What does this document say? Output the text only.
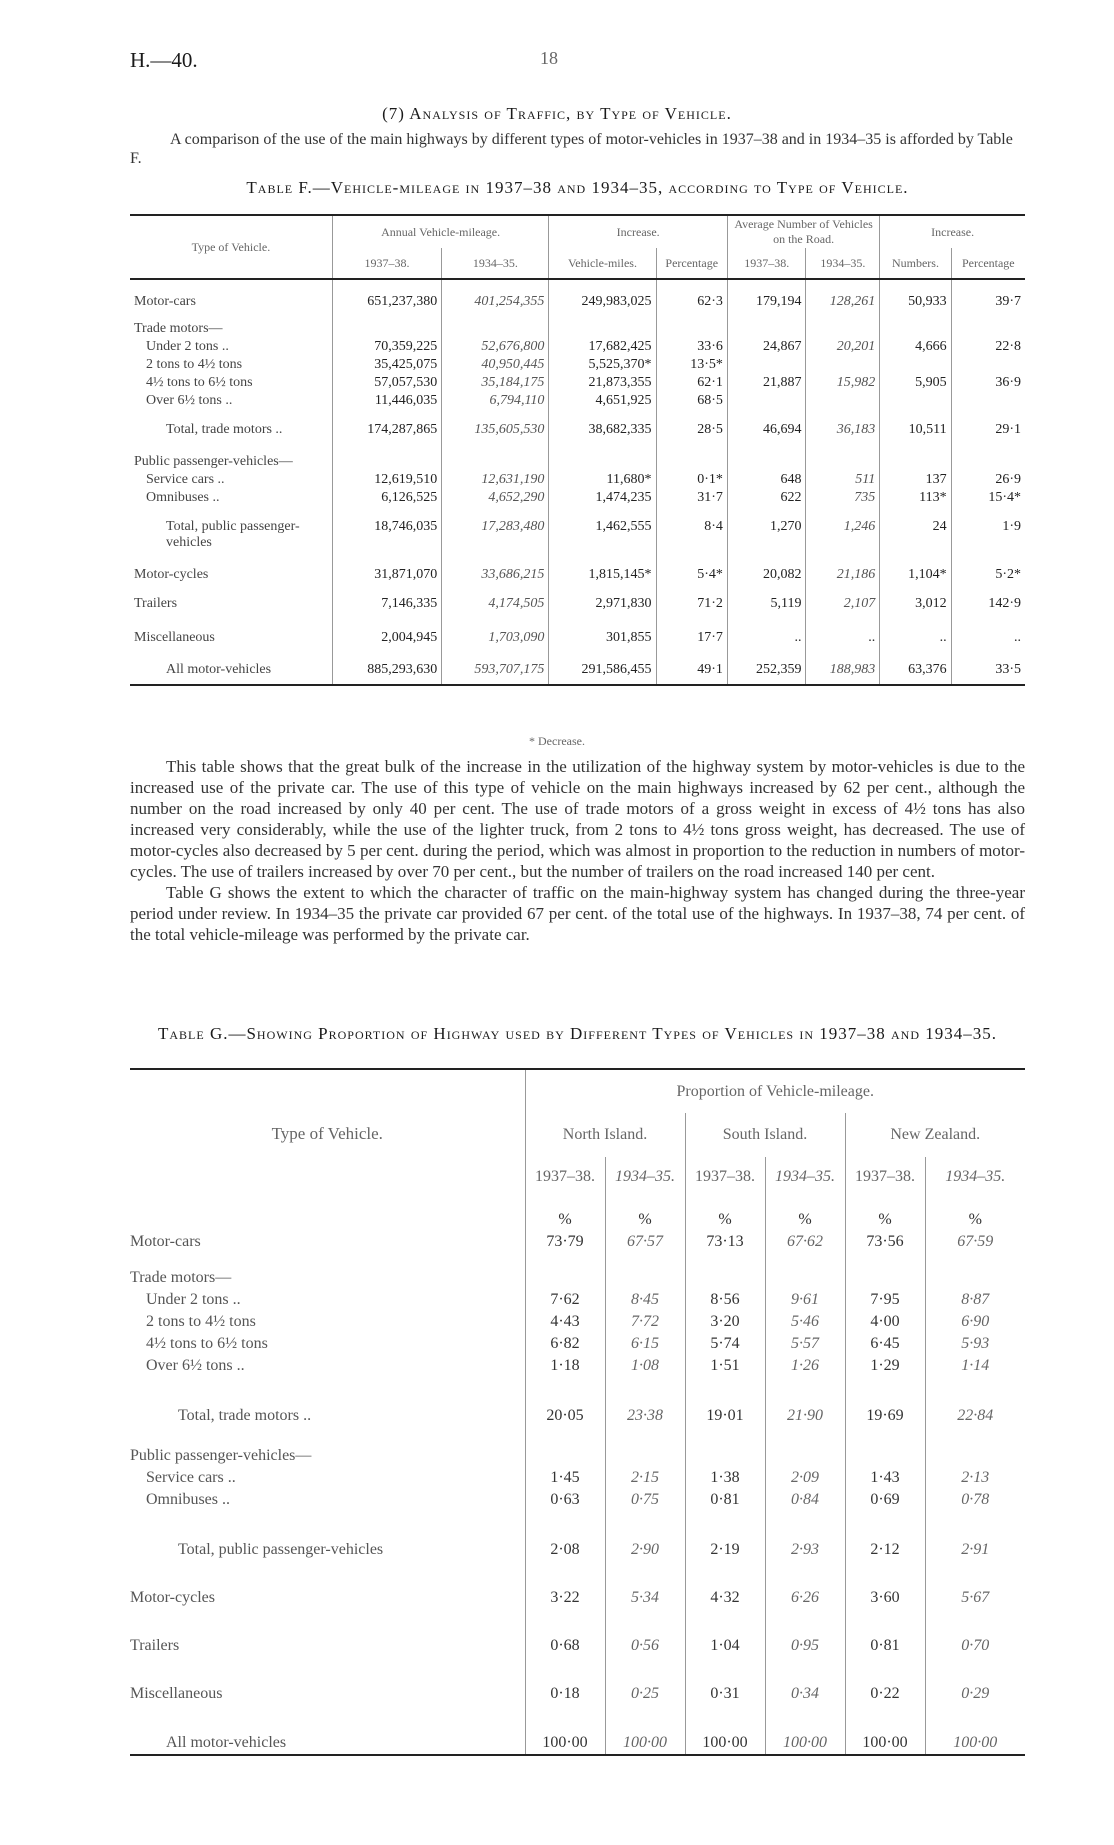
H.—40.	18
(7) Analysis of Traffic, by Type of Vehicle.
A comparison of the use of the main highways by different types of motor-vehicles in 1937–38 and in 1934–35 is afforded by Table F.
Table F.—Vehicle-mileage in 1937–38 and 1934–35, according to Type of Vehicle.
Type of Vehicle.	Annual Vehicle-mileage.		Increase.		Average Number of Vehicles on the Road.		Increase.	
	1937–38.	1934–35.	Vehicle-miles.	Percentage	1937–38.	1934–35.	Numbers.	Percentage
Motor-cars	651,237,380	401,254,355	249,983,025	62·3	179,194	128,261	50,933	39·7
Trade motors—								
Under 2 tons ..	70,359,225	52,676,800	17,682,425	33·6	24,867	20,201	4,666	22·8
2 tons to 4½ tons	35,425,075	40,950,445	5,525,370*	13·5*				
4½ tons to 6½ tons	57,057,530	35,184,175	21,873,355	62·1	21,887	15,982	5,905	36·9
Over 6½ tons ..	11,446,035	6,794,110	4,651,925	68·5				
Total, trade motors ..	174,287,865	135,605,530	38,682,335	28·5	46,694	36,183	10,511	29·1
Public passenger-vehicles—								
Service cars ..	12,619,510	12,631,190	11,680*	0·1*	648	511	137	26·9
Omnibuses ..	6,126,525	4,652,290	1,474,235	31·7	622	735	113*	15·4*
Total, public passenger-vehicles	18,746,035	17,283,480	1,462,555	8·4	1,270	1,246	24	1·9
Motor-cycles	31,871,070	33,686,215	1,815,145*	5·4*	20,082	21,186	1,104*	5·2*
Trailers	7,146,335	4,174,505	2,971,830	71·2	5,119	2,107	3,012	142·9
Miscellaneous	2,004,945	1,703,090	301,855	17·7	..	..	..	..
All motor-vehicles	885,293,630	593,707,175	291,586,455	49·1	252,359	188,983	63,376	33·5
* Decrease.

This table shows that the great bulk of the increase in the utilization of the highway system by motor-vehicles is due to the increased use of the private car. The use of this type of vehicle on the main highways increased by 62 per cent., although the number on the road increased by only 40 per cent. The use of trade motors of a gross weight in excess of 4½ tons has also increased very considerably, while the use of the lighter truck, from 2 tons to 4½ tons gross weight, has decreased. The use of motor-cycles also decreased by 5 per cent. during the period, which was almost in proportion to the reduction in numbers of motor-cycles. The use of trailers increased by over 70 per cent., but the number of trailers on the road increased 140 per cent.

Table G shows the extent to which the character of traffic on the main-highway system has changed during the three-year period under review. In 1934–35 the private car provided 67 per cent. of the total use of the highways. In 1937–38, 74 per cent. of the total vehicle-mileage was performed by the private car.

Table G.—Showing Proportion of Highway used by Different Types of Vehicles in 1937–38 and 1934–35.
Type of Vehicle.	Proportion of Vehicle-mileage.					
	North Island.		South Island.		New Zealand.	
	1937–38.	1934–35.	1937–38.	1934–35.	1937–38.	1934–35.
	%	%	%	%	%	%
Motor-cars	73·79	67·57	73·13	67·62	73·56	67·59
Trade motors—						
Under 2 tons ..	7·62	8·45	8·56	9·61	7·95	8·87
2 tons to 4½ tons	4·43	7·72	3·20	5·46	4·00	6·90
4½ tons to 6½ tons	6·82	6·15	5·74	5·57	6·45	5·93
Over 6½ tons ..	1·18	1·08	1·51	1·26	1·29	1·14
Total, trade motors ..	20·05	23·38	19·01	21·90	19·69	22·84
Public passenger-vehicles—						
Service cars ..	1·45	2·15	1·38	2·09	1·43	2·13
Omnibuses ..	0·63	0·75	0·81	0·84	0·69	0·78
Total, public passenger-vehicles	2·08	2·90	2·19	2·93	2·12	2·91
Motor-cycles	3·22	5·34	4·32	6·26	3·60	5·67
Trailers	0·68	0·56	1·04	0·95	0·81	0·70
Miscellaneous	0·18	0·25	0·31	0·34	0·22	0·29
All motor-vehicles	100·00	100·00	100·00	100·00	100·00	100·00
